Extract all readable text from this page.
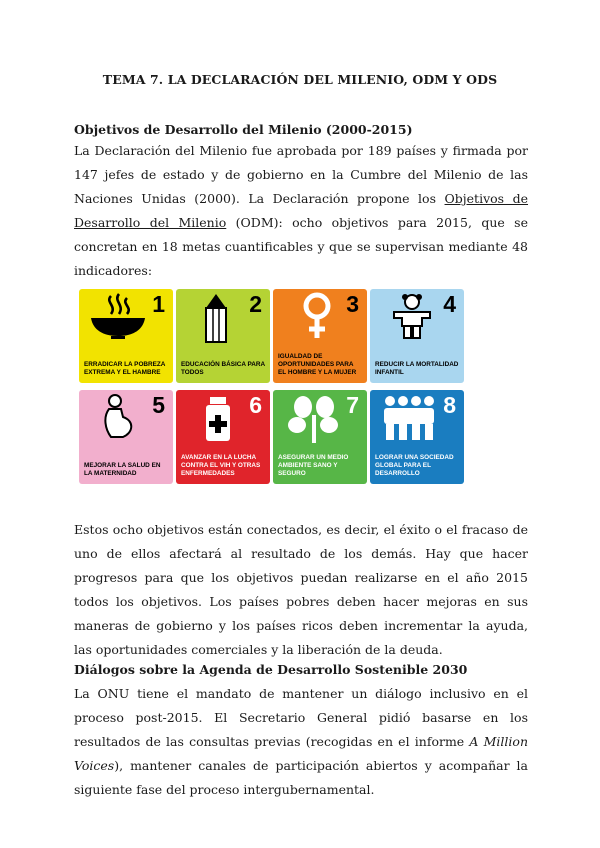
TEMA 7. LA DECLARACIÓN DEL MILENIO, ODM Y ODS
Objetivos de Desarrollo del Milenio (2000-2015)

La Declaración del Milenio fue aprobada por 189 países y firmada por 147 jefes de estado y de gobierno en la Cumbre del Milenio de las Naciones Unidas (2000). La Declaración propone los Objetivos de Desarrollo del Milenio (ODM): ocho objetivos para 2015, que se concretan en 18 metas cuantificables y que se supervisan mediante 48 indicadores:

1
ERRADICAR LA POBREZA EXTREMA Y EL HAMBRE
2
EDUCACIÓN BÁSICA PARA TODOS
3
IGUALDAD DE OPORTUNIDADES PARA EL HOMBRE Y LA MUJER
4
REDUCIR LA MORTALIDAD INFANTIL
5
MEJORAR LA SALUD EN LA MATERNIDAD
6
AVANZAR EN LA LUCHA CONTRA EL VIH Y OTRAS ENFERMEDADES
7
ASEGURAR UN MEDIO AMBIENTE SANO Y SEGURO
8
LOGRAR UNA SOCIEDAD GLOBAL PARA EL DESARROLLO

Estos ocho objetivos están conectados, es decir, el éxito o el fracaso de uno de ellos afectará al resultado de los demás. Hay que hacer progresos para que los objetivos puedan realizarse en el año 2015 todos los objetivos. Los países pobres deben hacer mejoras en sus maneras de gobierno y los países ricos deben incrementar la ayuda, las oportunidades comerciales y la liberación de la deuda.

Diálogos sobre la Agenda de Desarrollo Sostenible 2030

La ONU tiene el mandato de mantener un diálogo inclusivo en el proceso post-2015. El Secretario General pidió basarse en los resultados de las consultas previas (recogidas en el informe A Million Voices), mantener canales de participación abiertos y acompañar la siguiente fase del proceso intergubernamental.
